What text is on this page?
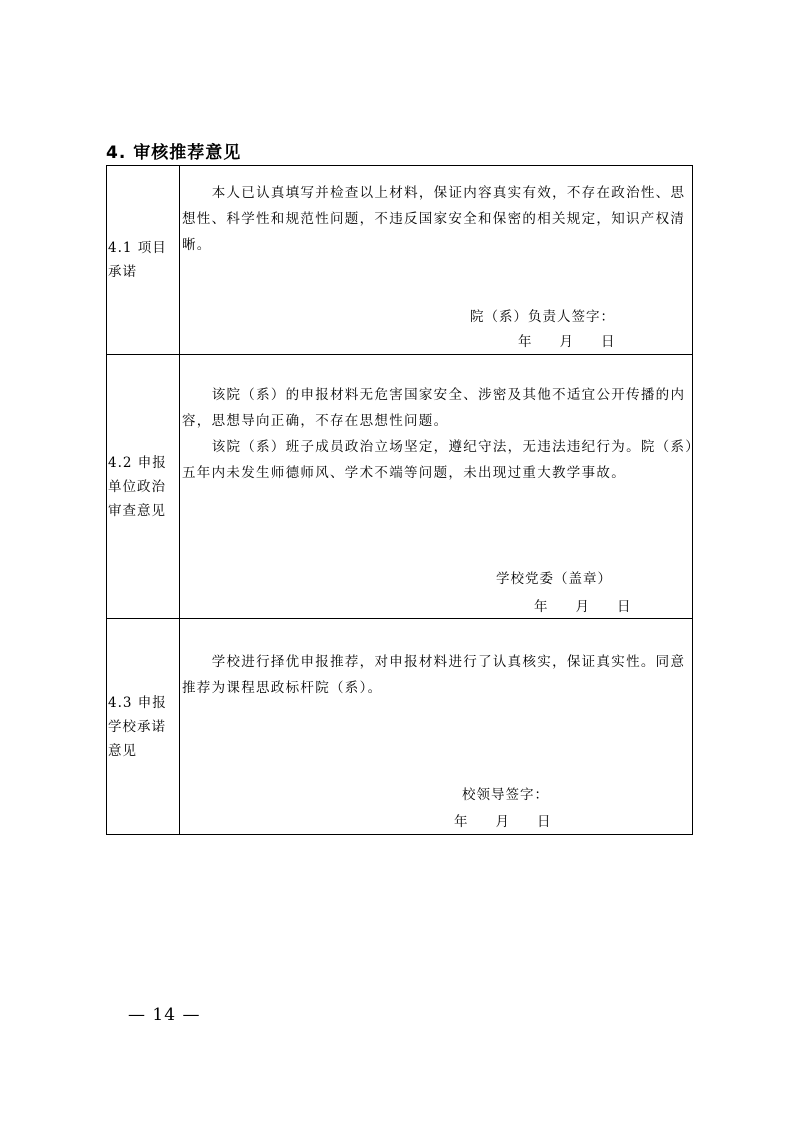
4. 审核推荐意见
4.1 项目承诺	本人已认真填写并检查以上材料，保证内容真实有效，不存在政治性、思想性、科学性和规范性问题，不违反国家安全和保密的相关规定，知识产权清晰。

院（系）负责人签字：
年 月 日

4.2 申报单位政治审查意见	该院（系）的申报材料无危害国家安全、涉密及其他不适宜公开传播的内容，思想导向正确，不存在思想性问题。

该院（系）班子成员政治立场坚定，遵纪守法，无违法违纪行为。院（系）五年内未发生师德师风、学术不端等问题，未出现过重大教学事故。

学校党委（盖章）
年 月 日

4.3 申报学校承诺意见	学校进行择优申报推荐，对申报材料进行了认真核实，保证真实性。同意推荐为课程思政标杆院（系）。

校领导签字：
年 月 日
— 14 —
